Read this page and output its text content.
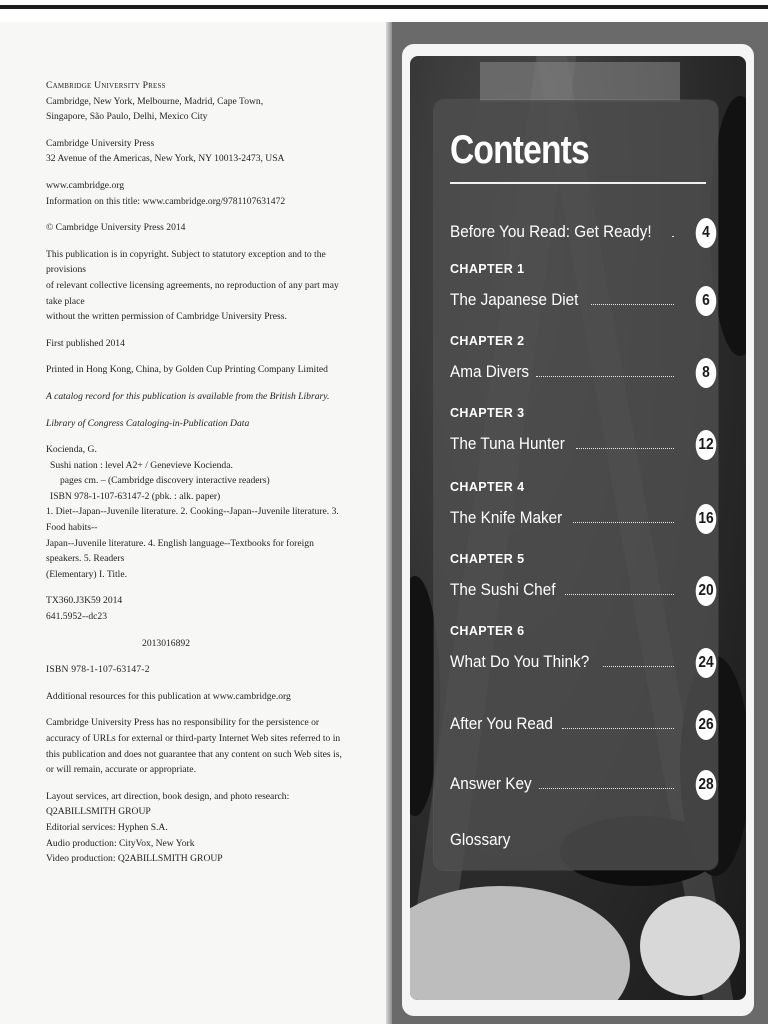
Cambridge University Press

Cambridge, New York, Melbourne, Madrid, Cape Town,

Singapore, São Paulo, Delhi, Mexico City

Cambridge University Press

32 Avenue of the Americas, New York, NY 10013-2473, USA

www.cambridge.org

Information on this title: www.cambridge.org/9781107631472

© Cambridge University Press 2014

This publication is in copyright. Subject to statutory exception and to the provisions

of relevant collective licensing agreements, no reproduction of any part may take place

without the written permission of Cambridge University Press.

First published 2014

Printed in Hong Kong, China, by Golden Cup Printing Company Limited

A catalog record for this publication is available from the British Library.

Library of Congress Cataloging-in-Publication Data

Kocienda, G.

Sushi nation : level A2+ / Genevieve Kocienda.

pages cm. – (Cambridge discovery interactive readers)

ISBN 978-1-107-63147-2 (pbk. : alk. paper)

1. Diet--Japan--Juvenile literature. 2. Cooking--Japan--Juvenile literature. 3. Food habits--

Japan--Juvenile literature. 4. English language--Textbooks for foreign speakers. 5. Readers

(Elementary) I. Title.

TX360.J3K59 2014

641.5952--dc23

2013016892

ISBN 978-1-107-63147-2

Additional resources for this publication at www.cambridge.org

Cambridge University Press has no responsibility for the persistence or

accuracy of URLs for external or third-party Internet Web sites referred to in

this publication and does not guarantee that any content on such Web sites is,

or will remain, accurate or appropriate.

Layout services, art direction, book design, and photo research: Q2ABILLSMITH GROUP

Editorial services: Hyphen S.A.

Audio production: CityVox, New York

Video production: Q2ABILLSMITH GROUP

Contents
Before You Read: Get Ready!	4
CHAPTER 1
The Japanese Diet	6
CHAPTER 2
Ama Divers	8
CHAPTER 3
The Tuna Hunter	12
CHAPTER 4
The Knife Maker	16
CHAPTER 5
The Sushi Chef	20
CHAPTER 6
What Do You Think?	24
After You Read	26
Answer Key	28
Glossary
